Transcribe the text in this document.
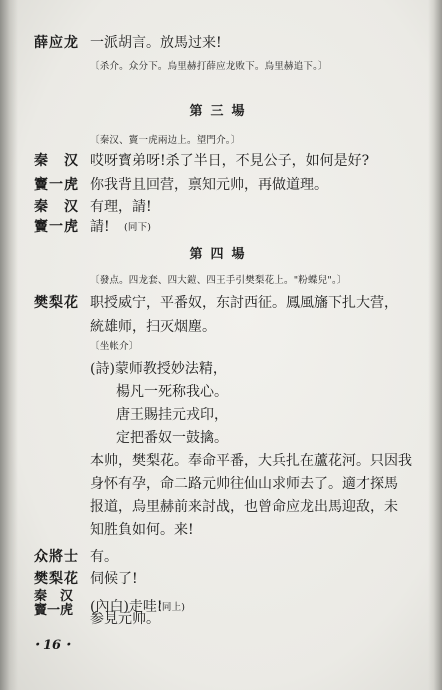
薛应龙 一派胡言。放馬过来!
〔杀介。众分下。烏里赫打薛应龙败下。烏里赫追下。〕
第三場
〔秦汉、竇一虎兩边上。望門介。〕
秦　汉 哎呀寳弟呀!杀了半日，不見公子，如何是好?
竇一虎 你我背且回营，禀知元帅，再做道理。
秦　汉 有理，請!
竇一虎 請! (同下)
第四場
〔發点。四龙套、四大鎧、四王手引樊梨花上。"粉蝶兒"。〕
樊梨花 职授威宁，平番奴，东討西征。鳳風旛下扎大营，
統雄师，扫灭烟塵。
〔坐帐介〕
(詩)蒙师教授妙法精，
楊凡一死称我心。
唐王賜挂元戎印，
定把番奴一鼓擒。
本帅，樊梨花。奉命平番，大兵扎在蘆花河。只因我
身怀有孕，命二路元帅往仙山求师去了。適才探馬
报道，烏里赫前来討战，也曾命应龙出馬迎敌，未
知胜負如何。来!
众將士 有。
樊梨花 伺候了!
秦　汉
竇一虎 (內白)走哇!
(同上)
参見元帅。
・16・
